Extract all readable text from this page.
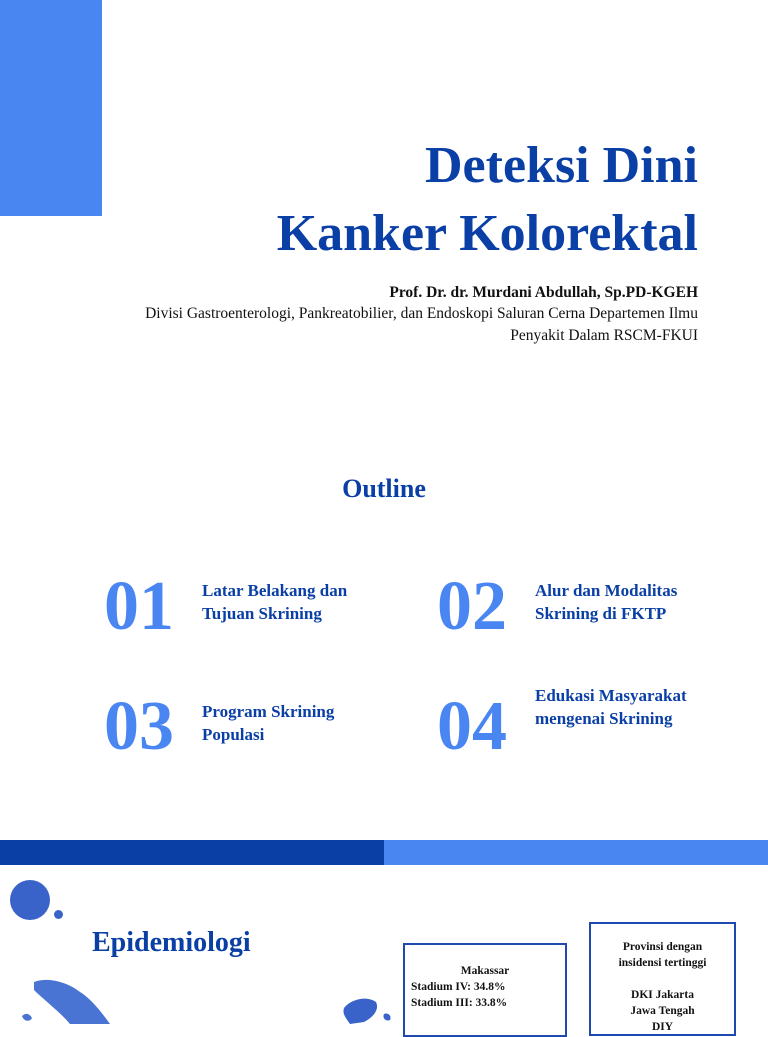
Deteksi Dini
Kanker Kolorektal
Prof. Dr. dr. Murdani Abdullah, Sp.PD-KGEH
Divisi Gastroenterologi, Pankreatobilier, dan Endoskopi Saluran Cerna Departemen Ilmu
Penyakit Dalam RSCM-FKUI
Outline
01 Latar Belakang dan
Tujuan Skrining	02 Alur dan Modalitas
Skrining di FKTP
03 Program Skrining
Populasi	04 Edukasi Masyarakat
mengenai Skrining
Epidemiologi
Makassar
Stadium IV: 34.8%
Stadium III: 33.8%
Provinsi dengan
insidensi tertinggi
DKI Jakarta
Jawa Tengah
DIY
